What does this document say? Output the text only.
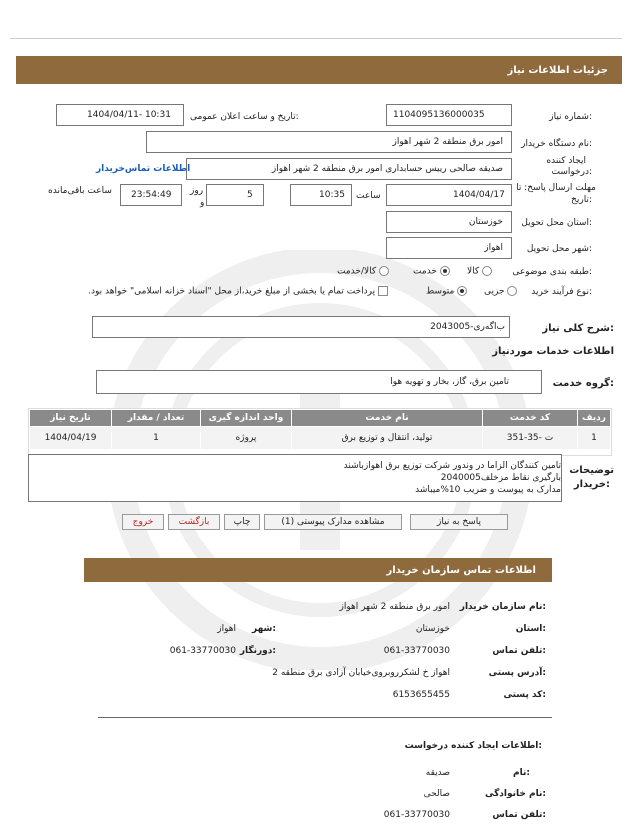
جزئیات اطلاعات نیاز
شماره نیاز:
1104095136000035
تاریخ و ساعت اعلان عمومی:
1404/04/11- 10:31
نام دستگاه خریدار:
امور برق منطقه 2 شهر اهواز
ایجاد کننده
درخواست:
صدیقه صالحی رییس حسابداری امور برق منطقه 2 شهر اهواز
اطلاعات تماس‌خریدار
مهلت ارسال پاسخ: تا
تاریخ:
1404/04/17
ساعت
10:35
5
روز
و
23:54:49
ساعت باقی‌مانده
استان محل تحویل:
خوزستان
شهر محل تحویل:
اهواز
طبقه بندی موضوعی:
کالا
خدمت
کالا/خدمت
نوع فرآیند خرید:
جزیی
متوسط
پرداخت تمام یا بخشی از مبلغ خرید،از محل "اسناد خزانه اسلامی" خواهد بود.
شرح کلی نیاز:
ب‌اگه‌ری-2043005
اطلاعات خدمات موردنیاز
گروه خدمت:
تامین برق، گاز، بخار و تهویه هوا
ردیف	کد خدمت	نام خدمت	واحد اندازه گیری	تعداد / مقدار	تاریخ نیاز
1	ت -35-351	تولید، انتقال و توزیع برق	پروژه	1	1404/04/19
توضیحات
خریدار:
تامین کنندگان الزاما در وندور شرکت توزیع برق اهوازباشند
بارگیری نقاط مزخلف2040005
مدارک به پیوست و ضریب 10%میباشد
پاسخ به نیاز
مشاهده مدارک پیوستی (1)
چاپ
بازگشت
خروج
اطلاعات تماس سازمان خریدار
نام سازمان خریدار:
امور برق منطقه 2 شهر اهواز
استان:
خوزستان
شهر:
اهواز
تلفن تماس:
061-33770030
دورنگار:
061-33770030
آدرس پستی:
اهواز خ لشکرروبروی‌خیابان آزادی برق منطقه 2
کد پستی:
6153655455
اطلاعات ایجاد کننده درخواست:
نام:
صدیقه
نام خانوادگی:
صالحی
تلفن تماس:
061-33770030
